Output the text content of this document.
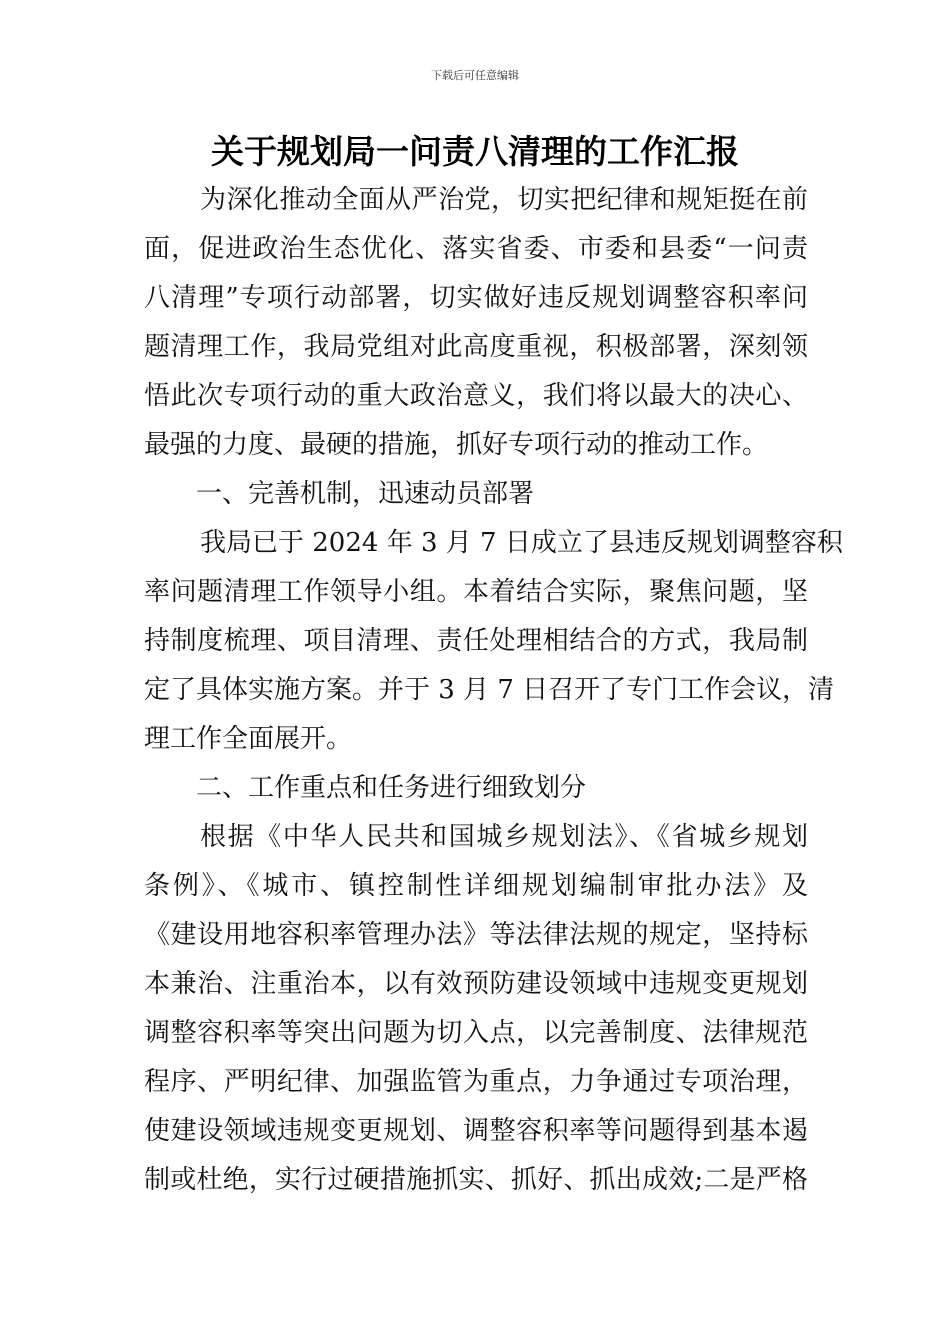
下载后可任意编辑
关于规划局一问责八清理的工作汇报
为深化推动全面从严治党，切实把纪律和规矩挺在前
面，促进政治生态优化、落实省委、市委和县委“一问责
八清理”专项行动部署，切实做好违反规划调整容积率问
题清理工作，我局党组对此高度重视，积极部署，深刻领
悟此次专项行动的重大政治意义，我们将以最大的决心、
最强的力度、最硬的措施，抓好专项行动的推动工作。
一、完善机制，迅速动员部署
我局已于 2024 年 3 月 7 日成立了县违反规划调整容积
率问题清理工作领导小组。本着结合实际，聚焦问题，坚
持制度梳理、项目清理、责任处理相结合的方式，我局制
定了具体实施方案。并于 3 月 7 日召开了专门工作会议，清
理工作全面展开。
二、工作重点和任务进行细致划分
根据《中华人民共和国城乡规划法》、《省城乡规划
条例》、《城市、镇控制性详细规划编制审批办法》及
《建设用地容积率管理办法》等法律法规的规定，坚持标
本兼治、注重治本，以有效预防建设领域中违规变更规划
调整容积率等突出问题为切入点，以完善制度、法律规范
程序、严明纪律、加强监管为重点，力争通过专项治理，
使建设领域违规变更规划、调整容积率等问题得到基本遏
制或杜绝，实行过硬措施抓实、抓好、抓出成效;二是严格
